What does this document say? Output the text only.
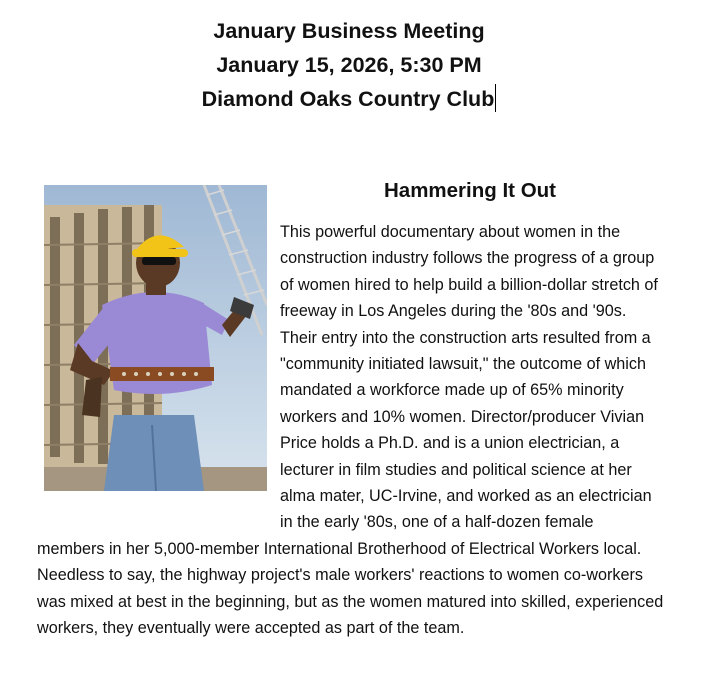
January Business Meeting
January 15, 2026, 5:30 PM
Diamond Oaks Country Club
Hammering It Out
This powerful documentary about women in the construction industry follows the progress of a group of women hired to help build a billion-dollar stretch of freeway in Los Angeles during the '80s and '90s. Their entry into the construction arts resulted from a "community initiated lawsuit," the outcome of which mandated a workforce made up of 65% minority workers and 10% women. Director/producer Vivian Price holds a Ph.D. and is a union electrician, a lecturer in film studies and political science at her alma mater, UC-Irvine, and worked as an electrician in the early '80s, one of a half-dozen female members in her 5,000-member International Brotherhood of Electrical Workers local. Needless to say, the highway project's male workers' reactions to women co-workers was mixed at best in the beginning, but as the women matured into skilled, experienced workers, they eventually were accepted as part of the team.
